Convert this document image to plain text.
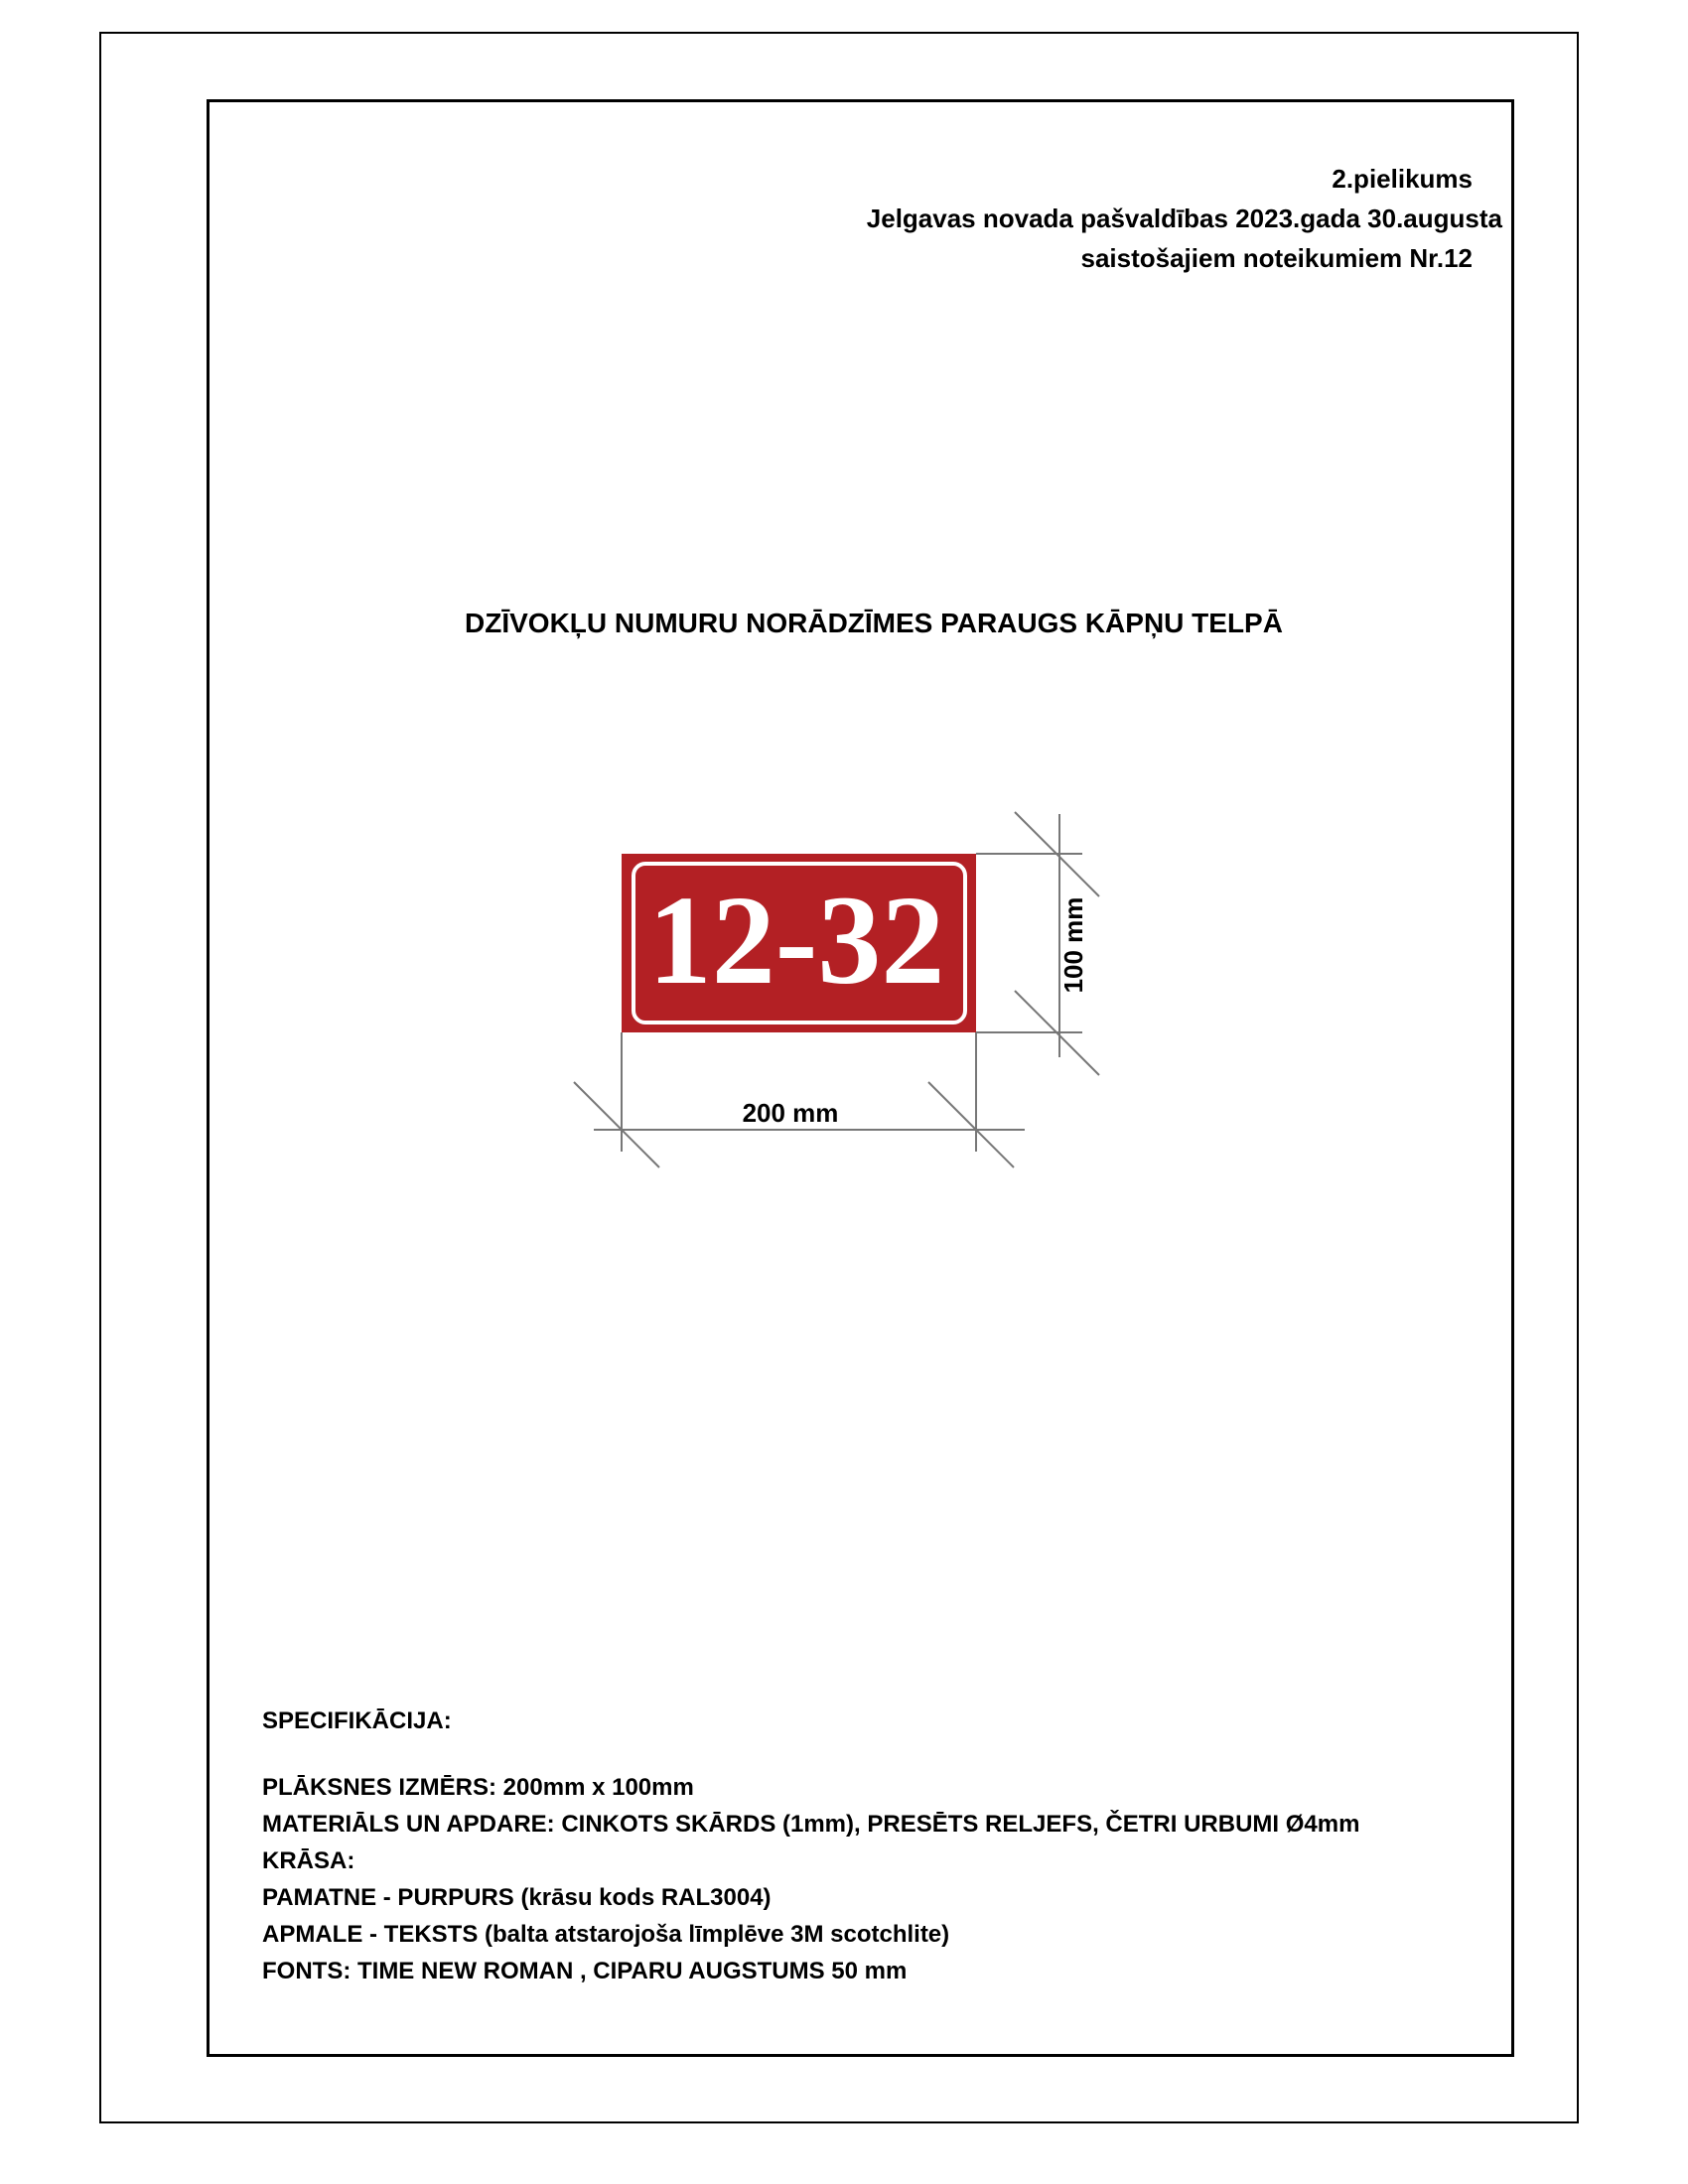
2.pielikums
Jelgavas novada pašvaldības 2023.gada 30.augusta
saistošajiem noteikumiem Nr.12
DZĪVOKĻU NUMURU NORĀDZĪMES PARAUGS KĀPŅU TELPĀ
12-32
200 mm
100 mm
SPECIFIKĀCIJA:
PLĀKSNES IZMĒRS: 200mm x 100mm
MATERIĀLS UN APDARE: CINKOTS SKĀRDS (1mm), PRESĒTS RELJEFS, ČETRI URBUMI Ø4mm
KRĀSA:
PAMATNE - PURPURS (krāsu kods RAL3004)
APMALE - TEKSTS (balta atstarojoša līmplēve 3M scotchlite)
FONTS: TIME NEW ROMAN , CIPARU AUGSTUMS 50 mm
